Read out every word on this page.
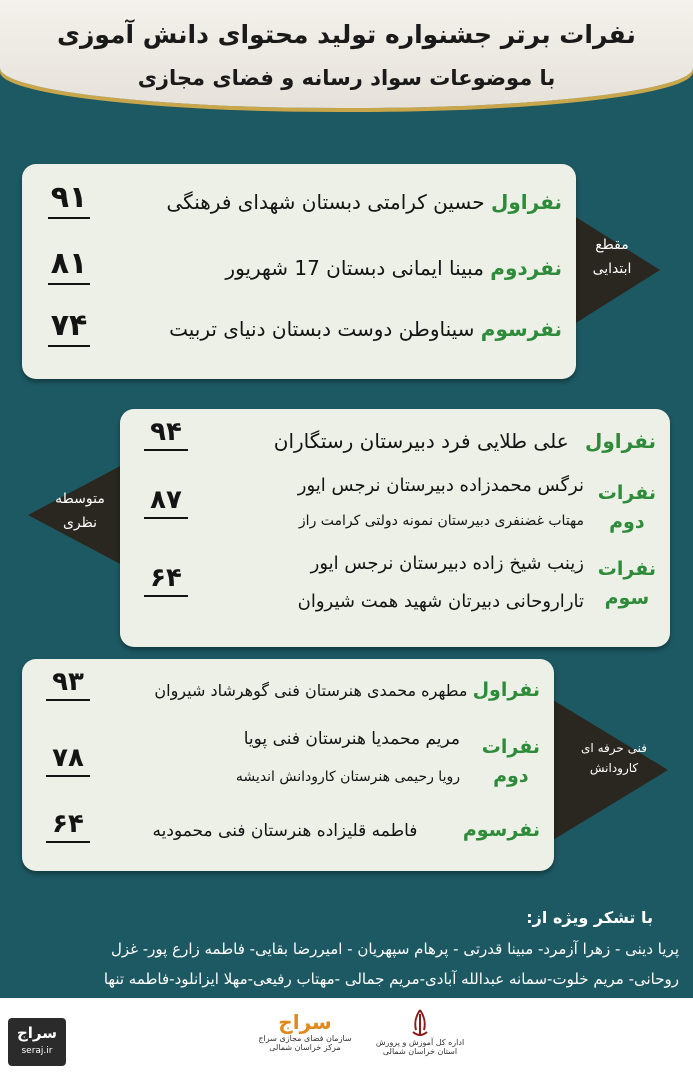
نفرات برتر جشنواره تولید محتوای دانش آموزی
با موضوعات سواد رسانه و فضای مجازی
مقطع
ابتدایی
نفراول حسین کرامتی دبستان شهدای فرهنگی
۹۱
نفردوم مبینا ایمانی دبستان 17 شهریور
۸۱
نفرسوم سیناوطن دوست دبستان دنیای تربیت
۷۴
متوسطه
نظری
نفراول علی طلایی فرد دبیرستان رستگاران
۹۴
نفرات
دوم
نرگس محمدزاده دبیرستان نرجس ایور
مهتاب غضنفری دبیرستان نمونه دولتی کرامت راز
۸۷
نفرات
سوم
زینب شیخ زاده دبیرستان نرجس ایور
تاراروحانی دبیرتان شهید همت شیروان
۶۴
فنی حرفه ای
کارودانش
نفراول مطهره محمدی هنرستان فنی گوهرشاد شیروان
۹۳
نفرات
دوم
مریم محمدیا هنرستان فنی پویا
رویا رحیمی هنرستان کارودانش اندیشه
۷۸
نفرسوم فاطمه قلیزاده هنرستان فنی محمودیه
۶۴
با تشکر ویژه از:
پریا دینی - زهرا آزمرد- مبینا قدرتی - پرهام سپهریان - امیررضا بقایی- فاطمه زارع پور- غزل
روحانی- مریم خلوت-سمانه عبدالله آبادی-مریم جمالی -مهتاب رفیعی-مهلا ایزانلود-فاطمه تنها
سراج
سازمان فضای مجازی سراج
مرکز خراسان شمالی
اداره کل آموزش و پرورش
استان خراسان شمالی
سراج
seraj.ir
